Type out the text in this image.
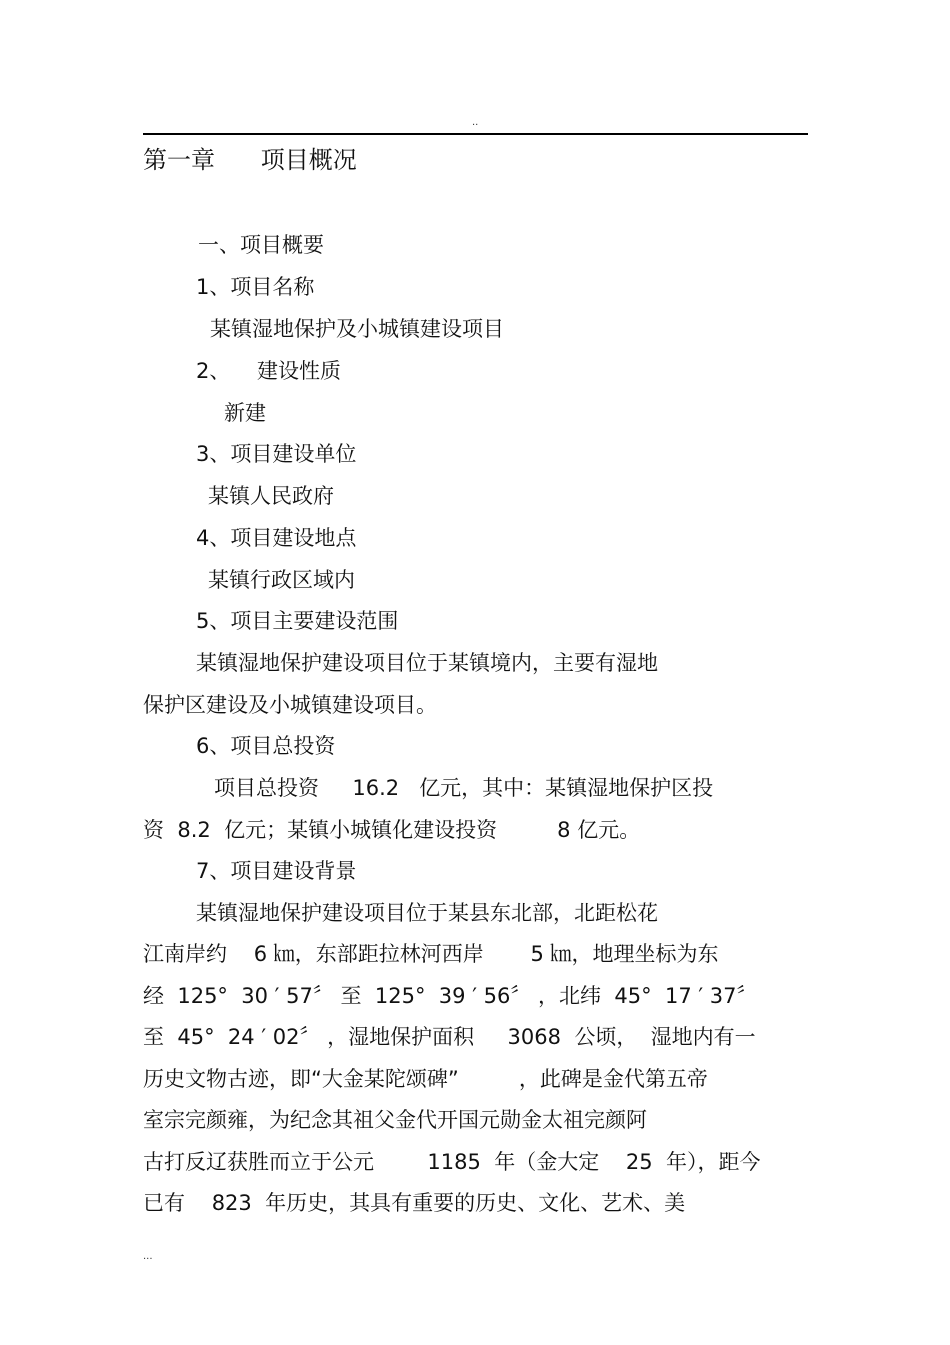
..
第一章      项目概况
一、项目概要
1、项目名称
某镇湿地保护及小城镇建设项目
2、    建设性质
新建
3、项目建设单位
某镇人民政府
4、项目建设地点
某镇行政区域内
5、项目主要建设范围
某镇湿地保护建设项目位于某镇境内，主要有湿地
保护区建设及小城镇建设项目。
6、项目总投资
项目总投资     16.2   亿元，其中：某镇湿地保护区投
资  8.2  亿元；某镇小城镇化建设投资         8 亿元。
7、项目建设背景
某镇湿地保护建设项目位于某县东北部，北距松花
江南岸约    6 ㎞，东部距拉林河西岸       5 ㎞，地理坐标为东
经  125°  30 ′ 57〞 至  125°  39 ′ 56〞 ，北纬  45°  17 ′ 37〞
至  45°  24 ′ 02〞 ，湿地保护面积     3068  公顷，  湿地内有一
历史文物古迹，即“大金某陀颂碑”         ，此碑是金代第五帝
室宗完颜雍，为纪念其祖父金代开国元勋金太祖完颜阿
古打反辽获胜而立于公元        1185  年（金大定    25  年），距今
已有    823  年历史，其具有重要的历史、文化、艺术、美
...
